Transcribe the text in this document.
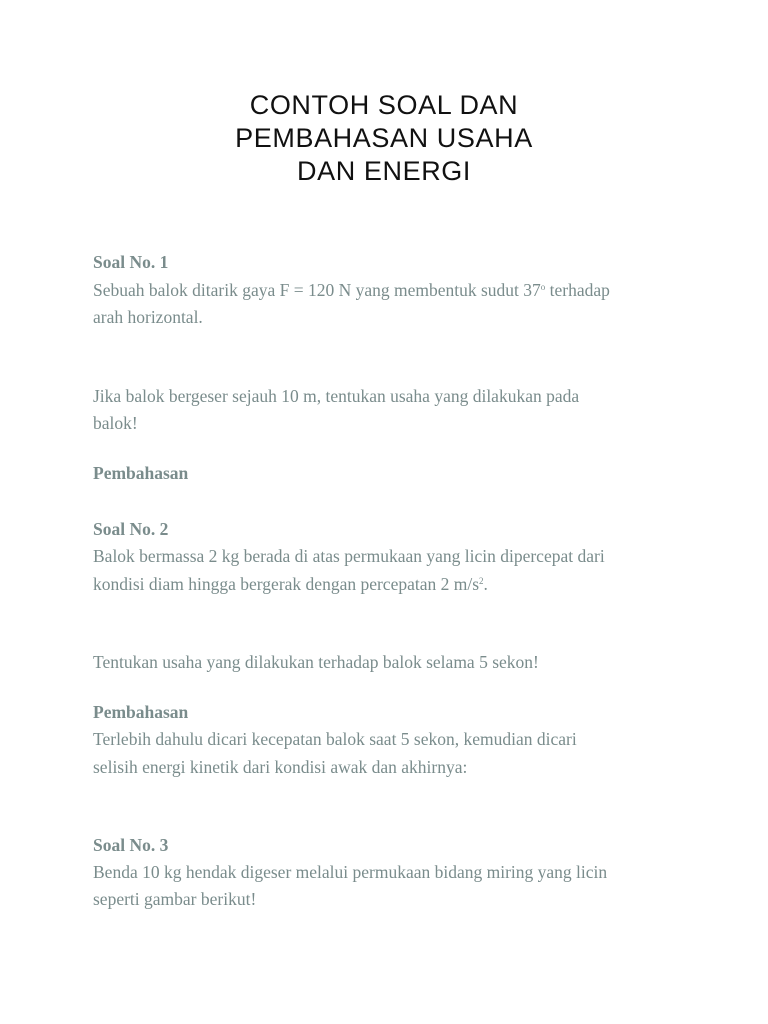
CONTOH SOAL DAN
PEMBAHASAN USAHA
DAN ENERGI
Soal No. 1
Sebuah balok ditarik gaya F = 120 N yang membentuk sudut 37$^o$ terhadap
arah horizontal.
Jika balok bergeser sejauh 10 m, tentukan usaha yang dilakukan pada
balok!
Pembahasan
Soal No. 2
Balok bermassa 2 kg berada di atas permukaan yang licin dipercepat dari
kondisi diam hingga bergerak dengan percepatan 2 $m/s^2$.
Tentukan usaha yang dilakukan terhadap balok selama 5 sekon!
Pembahasan
Terlebih dahulu dicari kecepatan balok saat 5 sekon, kemudian dicari
selisih energi kinetik dari kondisi awak dan akhirnya:
Soal No. 3
Benda 10 kg hendak digeser melalui permukaan bidang miring yang licin
seperti gambar berikut!
